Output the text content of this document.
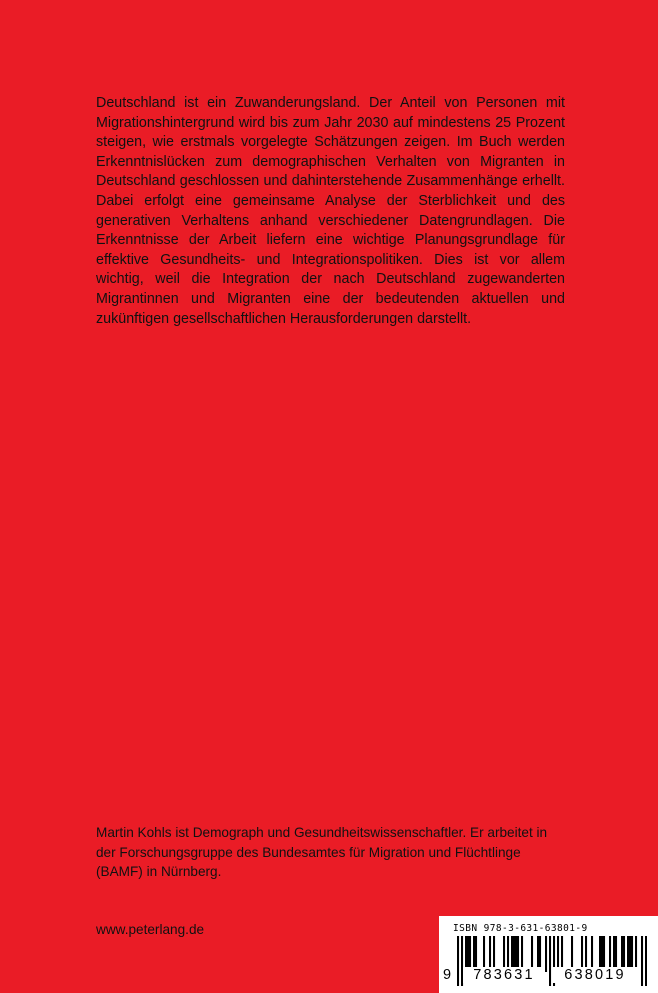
Deutschland ist ein Zuwanderungsland. Der Anteil von Personen mit Migrationshintergrund wird bis zum Jahr 2030 auf mindestens 25 Prozent steigen, wie erstmals vorgelegte Schätzungen zeigen. Im Buch werden Erkenntnislücken zum demographischen Verhalten von Migranten in Deutschland geschlossen und dahinterstehende Zusammenhänge erhellt. Dabei erfolgt eine gemeinsame Analyse der Sterblichkeit und des generativen Verhaltens anhand verschiedener Datengrundlagen. Die Erkenntnisse der Arbeit liefern eine wichtige Planungsgrundlage für effektive Gesundheits- und Integrationspolitiken. Dies ist vor allem wichtig, weil die Integration der nach Deutschland zugewanderten Migrantinnen und Migranten eine der bedeutenden aktuellen und zukünftigen gesellschaftlichen Herausforderungen darstellt.

Martin Kohls ist Demograph und Gesundheitswissenschaftler. Er arbeitet in der Forschungsgruppe des Bundesamtes für Migration und Flüchtlinge (BAMF) in Nürnberg.

www.peterlang.de	ISBN 978-3-631-63801-9
9	783631	638019
